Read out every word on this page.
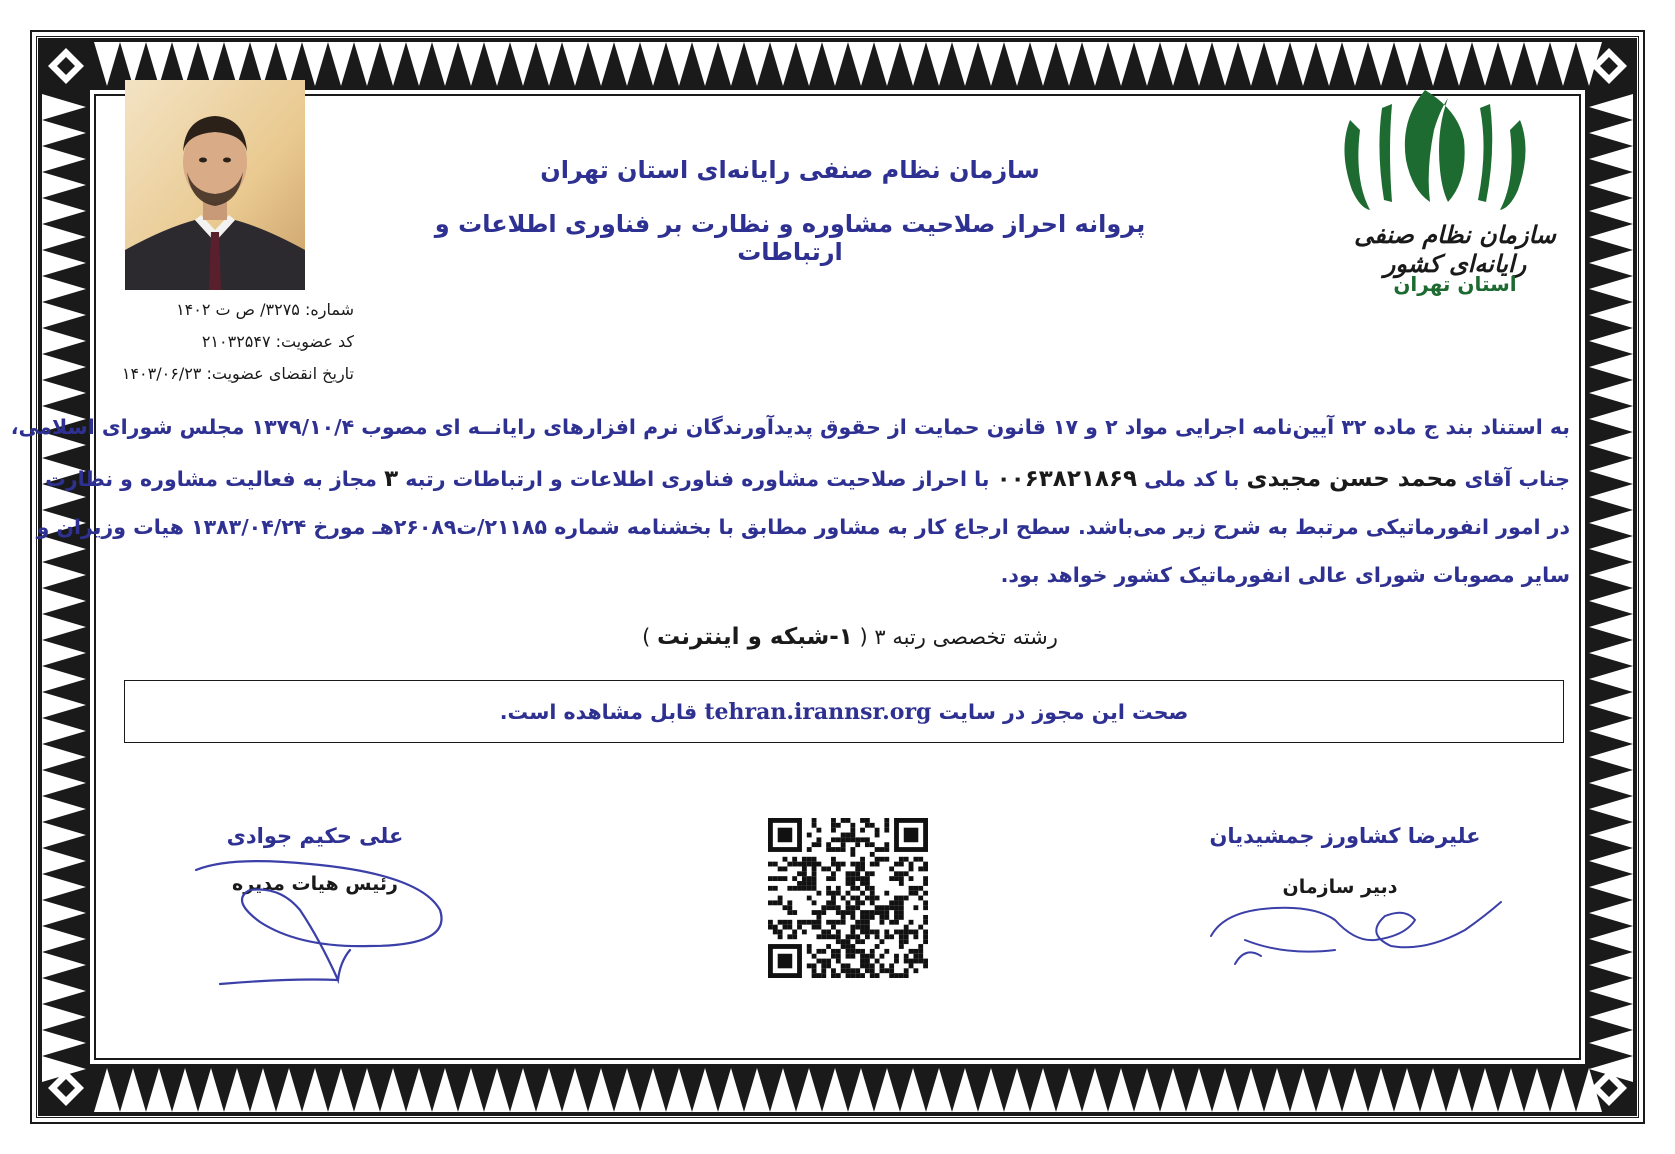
شماره: ۳۲۷۵/ ص ت ۱۴۰۲
کد عضویت: ۲۱۰۳۲۵۴۷
تاریخ انقضای عضویت: ۱۴۰۳/۰۶/۲۳
سازمان نظام صنفی رایانه‌ای استان تهران
پروانه احراز صلاحیت مشاوره و نظارت بر فناوری اطلاعات و ارتباطات
سازمان نظام صنفی رایانه‌ای کشور
استان تهران
به استناد بند ج ماده ۳۲ آیین‌نامه اجرایی مواد ۲ و ۱۷ قانون حمایت از حقوق پدیدآورندگان نرم افزارهای رایانــه ای مصوب ۱۳۷۹/۱۰/۴ مجلس شورای اسلامی،
جناب آقای محمد حسن مجیدی با کد ملی ۰۰۶۳۸۲۱۸۶۹ با احراز صلاحیت مشاوره فناوری اطلاعات و ارتباطات رتبه ۳ مجاز به فعالیت مشاوره و نظارت
در امور انفورماتیکی مرتبط به شرح زیر می‌باشد. سطح ارجاع کار به مشاور مطابق با بخشنامه شماره ۲۱۱۸۵/ت۲۶۰۸۹هـ مورخ ۱۳۸۳/۰۴/۲۴ هیات وزیران و
سایر مصوبات شورای عالی انفورماتیک کشور خواهد بود.
رشته تخصصی رتبه ۳ ( ۱-شبکه و اینترنت )
صحت این مجوز در سایت

tehran.irannsr.org

قابل مشاهده است.
علی حکیم جوادی
رئیس هیات مدیره
علیرضا کشاورز جمشیدیان
دبیر سازمان
